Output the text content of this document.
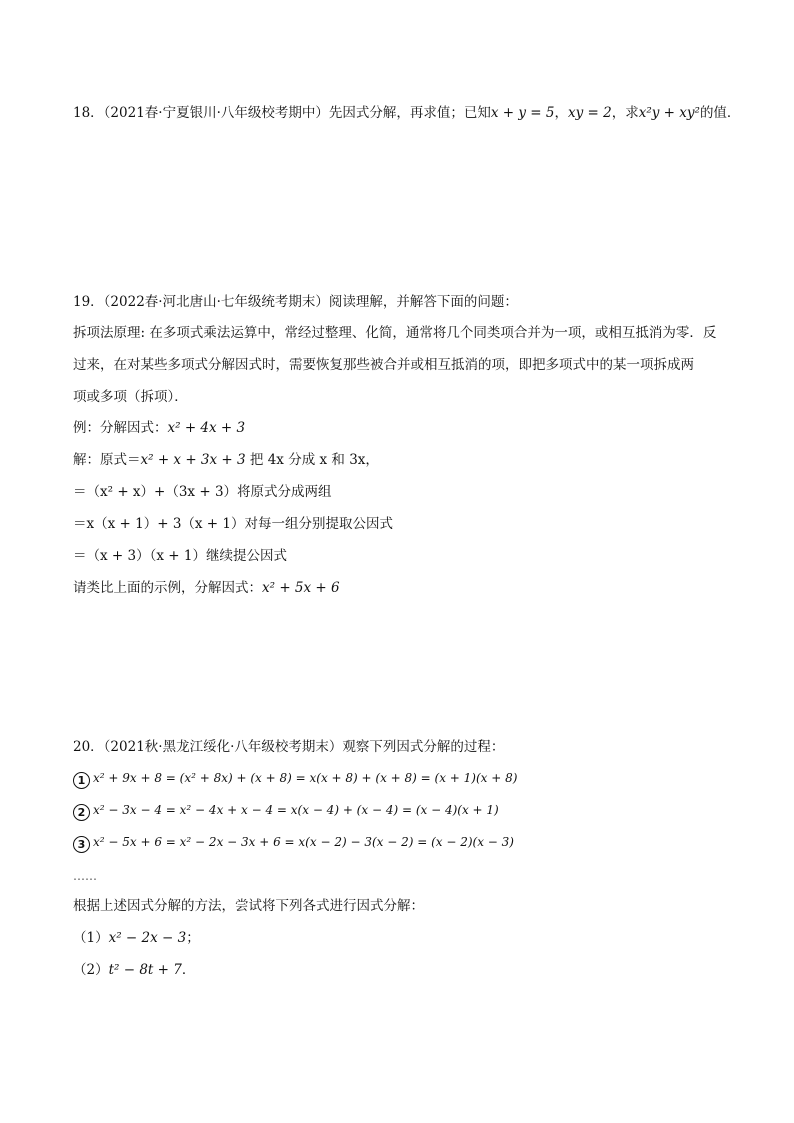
18．（2021春·宁夏银川·八年级校考期中）先因式分解，再求值；已知x + y = 5，xy = 2，求x²y + xy²的值．
19．（2022春·河北唐山·七年级统考期末）阅读理解，并解答下面的问题：
拆项法原理: 在多项式乘法运算中，常经过整理、化简，通常将几个同类项合并为一项，或相互抵消为零．反
过来，在对某些多项式分解因式时，需要恢复那些被合并或相互抵消的项，即把多项式中的某一项拆成两
项或多项（拆项）．
例：分解因式：x² + 4x + 3
解：原式＝x² + x + 3x + 3 把 4x 分成 x 和 3x，
＝（x² + x）+（3x + 3）将原式分成两组
＝x（x + 1）+ 3（x + 1）对每一组分别提取公因式
＝（x + 3）（x + 1）继续提公因式
请类比上面的示例，分解因式：x² + 5x + 6
20．（2021秋·黑龙江绥化·八年级校考期末）观察下列因式分解的过程：
1 x² + 9x + 8 = (x² + 8x) + (x + 8) = x(x + 8) + (x + 8) = (x + 1)(x + 8)
2 x² − 3x − 4 = x² − 4x + x − 4 = x(x − 4) + (x − 4) = (x − 4)(x + 1)
3 x² − 5x + 6 = x² − 2x − 3x + 6 = x(x − 2) − 3(x − 2) = (x − 2)(x − 3)
……
根据上述因式分解的方法，尝试将下列各式进行因式分解：
（1）x² − 2x − 3；
（2）t² − 8t + 7．
